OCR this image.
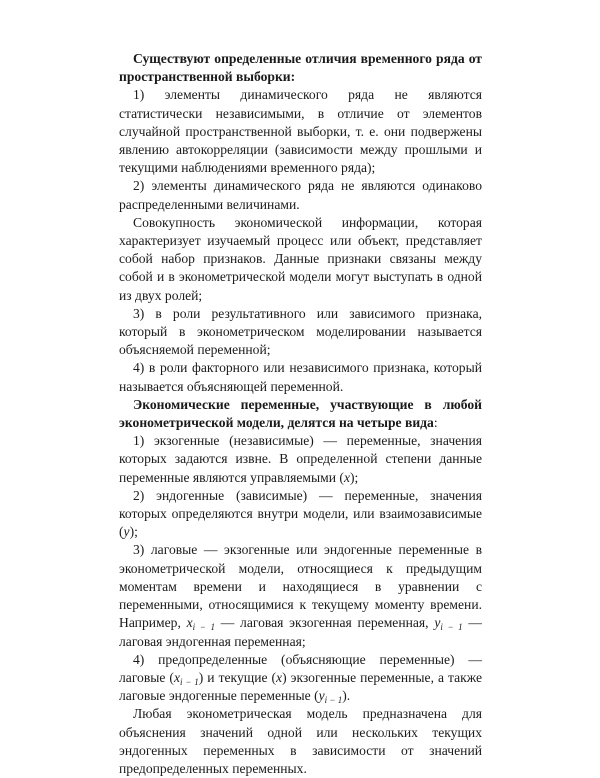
Существуют определенные отличия временного ряда от пространственной выборки:

1) элементы динамического ряда не являются статистически независимыми, в отличие от элементов случайной пространственной выборки, т. е. они подвержены явлению автокорреляции (зависимости между прошлыми и текущими наблюдениями временного ряда);

2) элементы динамического ряда не являются одинаково распределенными величинами.

Совокупность экономической информации, которая характеризует изучаемый процесс или объект, представляет собой набор признаков. Данные признаки связаны между собой и в эконометрической модели могут выступать в одной из двух ролей;

3) в роли результативного или зависимого признака, который в эконометрическом моделировании называется объясняемой переменной;

4) в роли факторного или независимого признака, который называется объясняющей переменной.

Экономические переменные, участвующие в любой эконометрической модели, делятся на четыре вида:

1) экзогенные (независимые) — переменные, значения которых задаются извне. В определенной степени данные переменные являются управляемыми (x);

2) эндогенные (зависимые) — переменные, значения которых определяются внутри модели, или взаимозависимые (y);

3) лаговые — экзогенные или эндогенные переменные в эконометрической модели, относящиеся к предыдущим моментам времени и находящиеся в уравнении с переменными, относящимися к текущему моменту времени. Например, $x_{i - 1}$ — лаговая экзогенная переменная, $y_{i - 1}$ — лаговая эндогенная переменная;

4) предопределенные (объясняющие переменные) — лаговые $(x_{i - 1})$ и текущие (x) экзогенные переменные, а также лаговые эндогенные переменные $(y_{i - 1})$.

Любая эконометрическая модель предназначена для объяснения значений одной или нескольких текущих эндогенных переменных в зависимости от значений предопределенных переменных.
